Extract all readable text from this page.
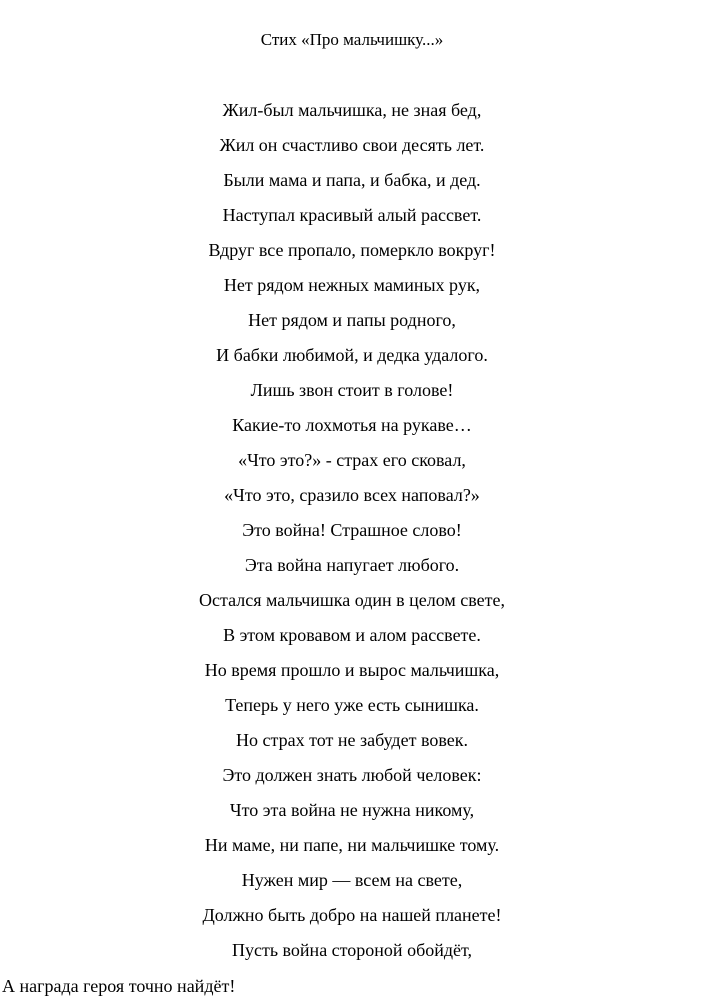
Стих «Про мальчишку...»
Жил-был мальчишка, не зная бед,
Жил он счастливо свои десять лет.
Были мама и папа, и бабка, и дед.
Наступал красивый алый рассвет.
Вдруг все пропало, померкло вокруг!
Нет рядом нежных маминых рук,
Нет рядом и папы родного,
И бабки любимой, и дедка удалого.
Лишь звон стоит в голове!
Какие-то лохмотья на рукаве…
«Что это?» - страх его сковал,
«Что это, сразило всех наповал?»
Это война! Страшное слово!
Эта война напугает любого.
Остался мальчишка один в целом свете,
В этом кровавом и алом рассвете.
Но время прошло и вырос мальчишка,
Теперь у него уже есть сынишка.
Но страх тот не забудет вовек.
Это должен знать любой человек:
Что эта война не нужна никому,
Ни маме, ни папе, ни мальчишке тому.
Нужен мир — всем на свете,
Должно быть добро на нашей планете!
Пусть война стороной обойдёт,
А награда героя точно найдёт!
